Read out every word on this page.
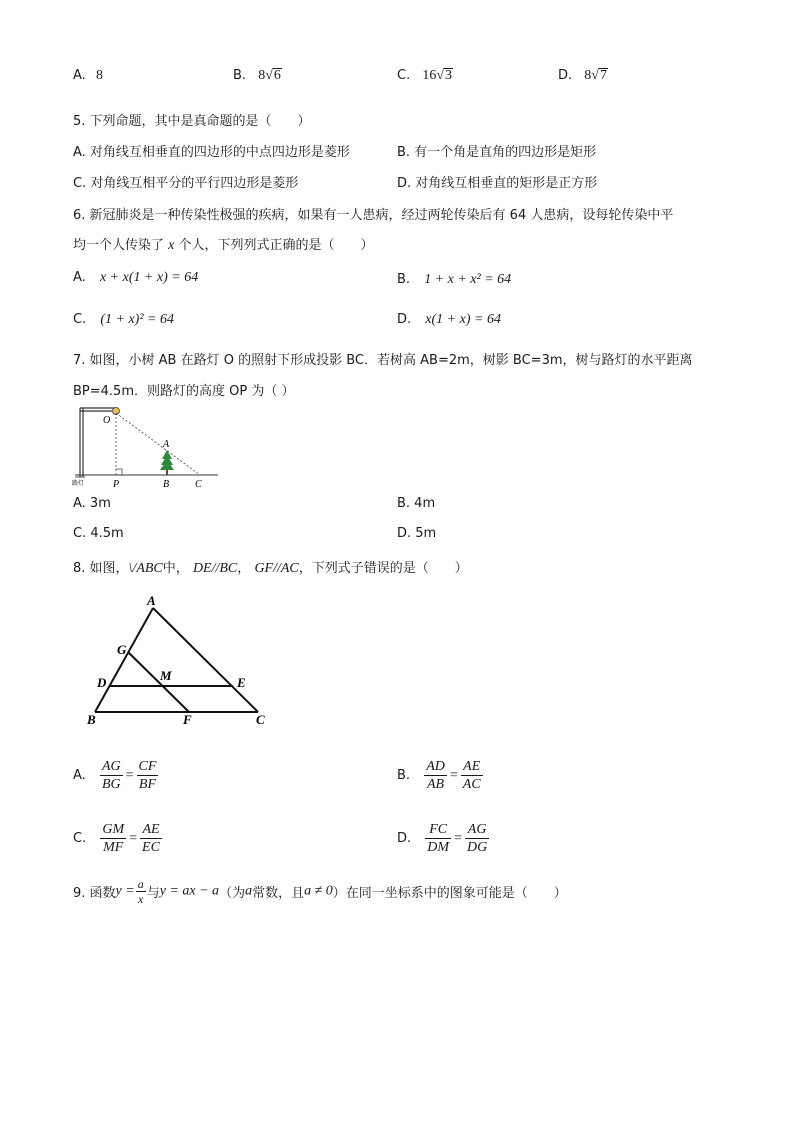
A. 8	B. 8√6	C. 16√3	D. 8√7
5. 下列命题，其中是真命题的是（　　）
A. 对角线互相垂直的四边形的中点四边形是菱形	B. 有一个角是直角的四边形是矩形
C. 对角线互相平分的平行四边形是菱形	D. 对角线互相垂直的矩形是正方形
6. 新冠肺炎是一种传染性极强的疾病，如果有一人患病，经过两轮传染后有 64 人患病，设每轮传染中平
均一个人传染了 x 个人，下列列式正确的是（　　）
A. x + x(1 + x) = 64	B. 1 + x + x² = 64
C. (1 + x)² = 64	D. x(1 + x) = 64
7. 如图，小树 AB 在路灯 O 的照射下形成投影 BC．若树高 AB=2m，树影 BC=3m，树与路灯的水平距离
BP=4.5m．则路灯的高度 OP 为（ ）
O
A
P	B	C
路灯
A. 3m	B. 4m
C. 4.5m	D. 5m
8. 如图，\/ABC中， DE//BC， GF//AC，下列式子错误的是（　　）
A
G
M
D	E
B	F	C
A. $\frac{AG}{BG} = \frac{CF}{BF}$	B. $\frac{AD}{AB} = \frac{AE}{AC}$
C. $\frac{GM}{MF} = \frac{AE}{EC}$	D. $\frac{FC}{DM} = \frac{AG}{DG}$
9. 函数$y = \frac{a}{x}$ 与y = ax − a（为a常数，且a ≠ 0）在同一坐标系中的图象可能是（　　）
